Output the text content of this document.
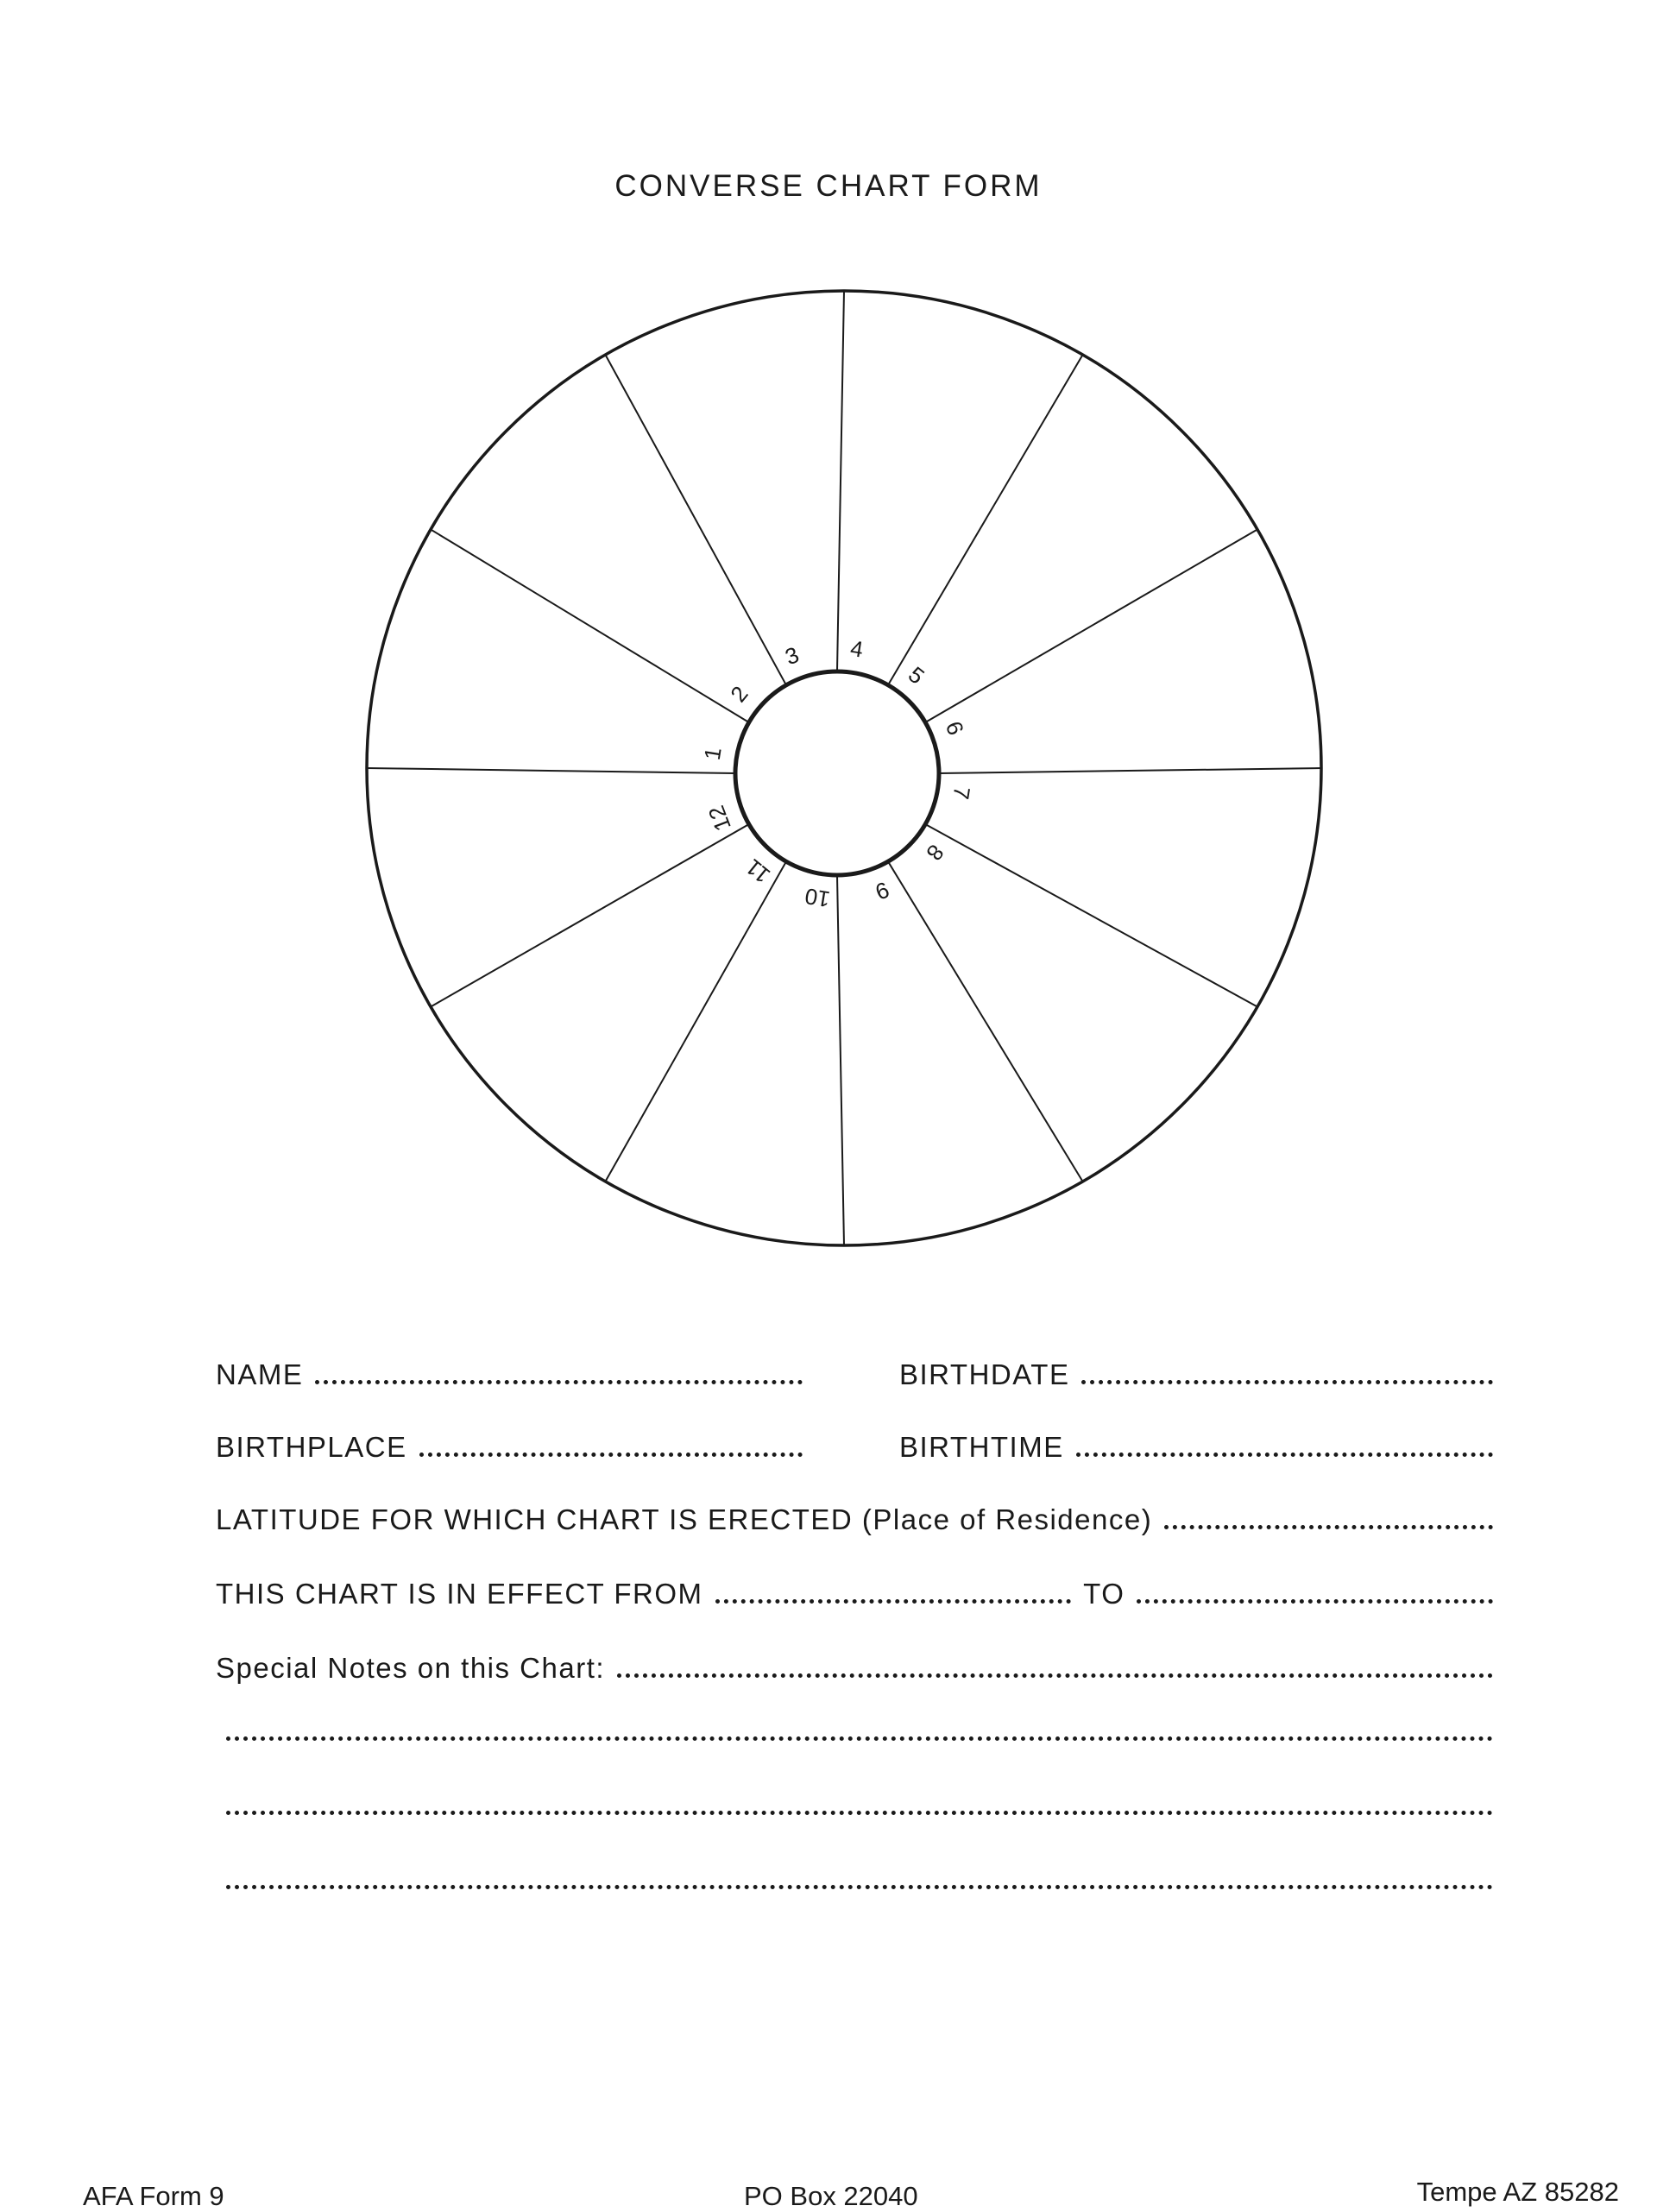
CONVERSE CHART FORM
1
2
3 4
5
6
7
8
9
10
11
12
NAME	BIRTHDATE
BIRTHPLACE	BIRTHTIME
LATITUDE FOR WHICH CHART IS ERECTED (Place of Residence)
THIS CHART IS IN EFFECT FROM	TO
Special Notes on this Chart:
AFA Form 9	PO Box 22040	Tempe AZ 85282
